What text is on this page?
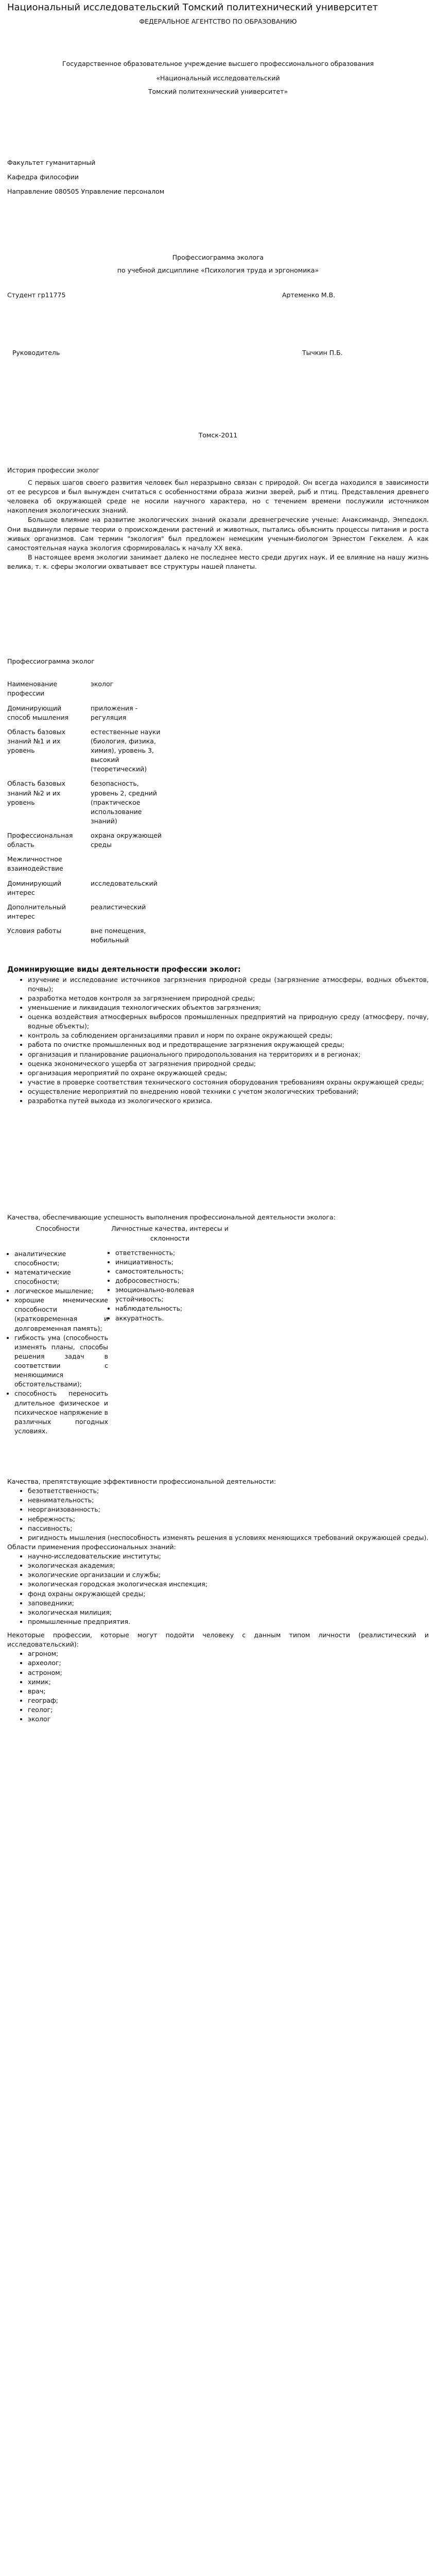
Национальный исследовательский Томский политехнический университет

ФЕДЕРАЛЬНОЕ АГЕНТСТВО ПО ОБРАЗОВАНИЮ

Государственное образовательное учреждение высшего профессионального образования

«Национальный исследовательский

Томский политехнический университет»

Факультет гуманитарный

Кафедра философии

Направление 080505 Управление персоналом

Профессиограмма эколога

по учебной дисциплине «Психология труда и эргономика»

Студент гр11775	Артеменко М.В.
Руководитель	Тычкин П.Б.

Томск-2011

История профессии эколог

С первых шагов своего развития человек был неразрывно связан с природой. Он всегда находился в зависимости от ее ресурсов и был вынужден считаться с особенностями образа жизни зверей, рыб и птиц. Представления древнего человека об окружающей среде не носили научного характера, но с течением времени послужили источником накопления экологических знаний.

Большое влияние на развитие экологических знаний оказали древнегреческие ученые: Анаксимандр, Эмпедокл. Они выдвинули первые теории о происхождении растений и животных, пытались объяснить процессы питания и роста живых организмов. Сам термин "экология" был предложен немецким ученым-биологом Эрнестом Геккелем. А как самостоятельная наука экология сформировалась к началу XX века.

В настоящее время экологии занимает далеко не последнее место среди других наук. И ее влияние на нашу жизнь велика, т. к. сферы экологии охватывает все структуры нашей планеты.

Профессиограмма эколог

Наименование профессии	эколог
Доминирующий способ мышления	приложения - регуляция
Область базовых знаний №1 и их уровень	естественные науки (биология, физика, химия), уровень 3, высокий (теоретический)
Область базовых знаний №2 и их уровень	безопасность, уровень 2, средний (практическое использование знаний)
Профессиональная область	охрана окружающей среды
Межличностное взаимодействие	
Доминирующий интерес	исследовательский
Дополнительный интерес	реалистический
Условия работы	вне помещения, мобильный

Доминирующие виды деятельности профессии эколог:

• изучение и исследование источников загрязнения природной среды (загрязнение атмосферы, водных объектов, почвы);
• разработка методов контроля за загрязнением природной среды;
• уменьшение и ликвидация технологических объектов загрязнения;
• оценка воздействия атмосферных выбросов промышленных предприятий на природную среду (атмосферу, почву, водные объекты);
• контроль за соблюдением организациями правил и норм по охране окружающей среды;
• работа по очистке промышленных вод и предотвращение загрязнения окружающей среды;
• организация и планирование рационального природопользования на территориях и в регионах;
• оценка экономического ущерба от загрязнения природной среды;
• организация мероприятий по охране окружающей среды;
• участие в проверке соответствия технического состояния оборудования требованиям охраны окружающей среды;
• осуществление мероприятий по внедрению новой техники с учетом экологических требований;
• разработка путей выхода из экологического кризиса.

Качества, обеспечивающие успешность выполнения профессиональной деятельности эколога:

Способности

• аналитические способности;
• математические способности;
• логическое мышление;
• хорошие мнемические способности (кратковременная и долговременная память);
• гибкость ума (способность изменять планы, способы решения задач в соответствии с меняющимися обстоятельствами);
• способность переносить длительное физическое и психическое напряжение в различных погодных условиях.

Личностные качества, интересы и склонности

• ответственность;
• инициативность;
• самостоятельность;
• добросовестность;
• эмоционально-волевая устойчивость;
• наблюдательность;
• аккуратность.

Качества, препятствующие эффективности профессиональной деятельности:

• безответственность;
• невнимательность;
• неорганизованность;
• небрежность;
• пассивность;
• ригидность мышления (неспособность изменять решения в условиях меняющихся требований окружающей среды).

Области применения профессиональных знаний:

• научно-исследовательские институты;
• экологическая академия;
• экологические организации и службы;
• экологическая городская экологическая инспекция;
• фонд охраны окружающей среды;
• заповедники;
• экологическая милиция;
• промышленные предприятия.

Некоторые профессии, которые могут подойти человеку с данным типом личности (реалистический и исследовательский):

• агроном;
• археолог;
• астроном;
• химик;
• врач;
• географ;
• геолог;
• эколог
